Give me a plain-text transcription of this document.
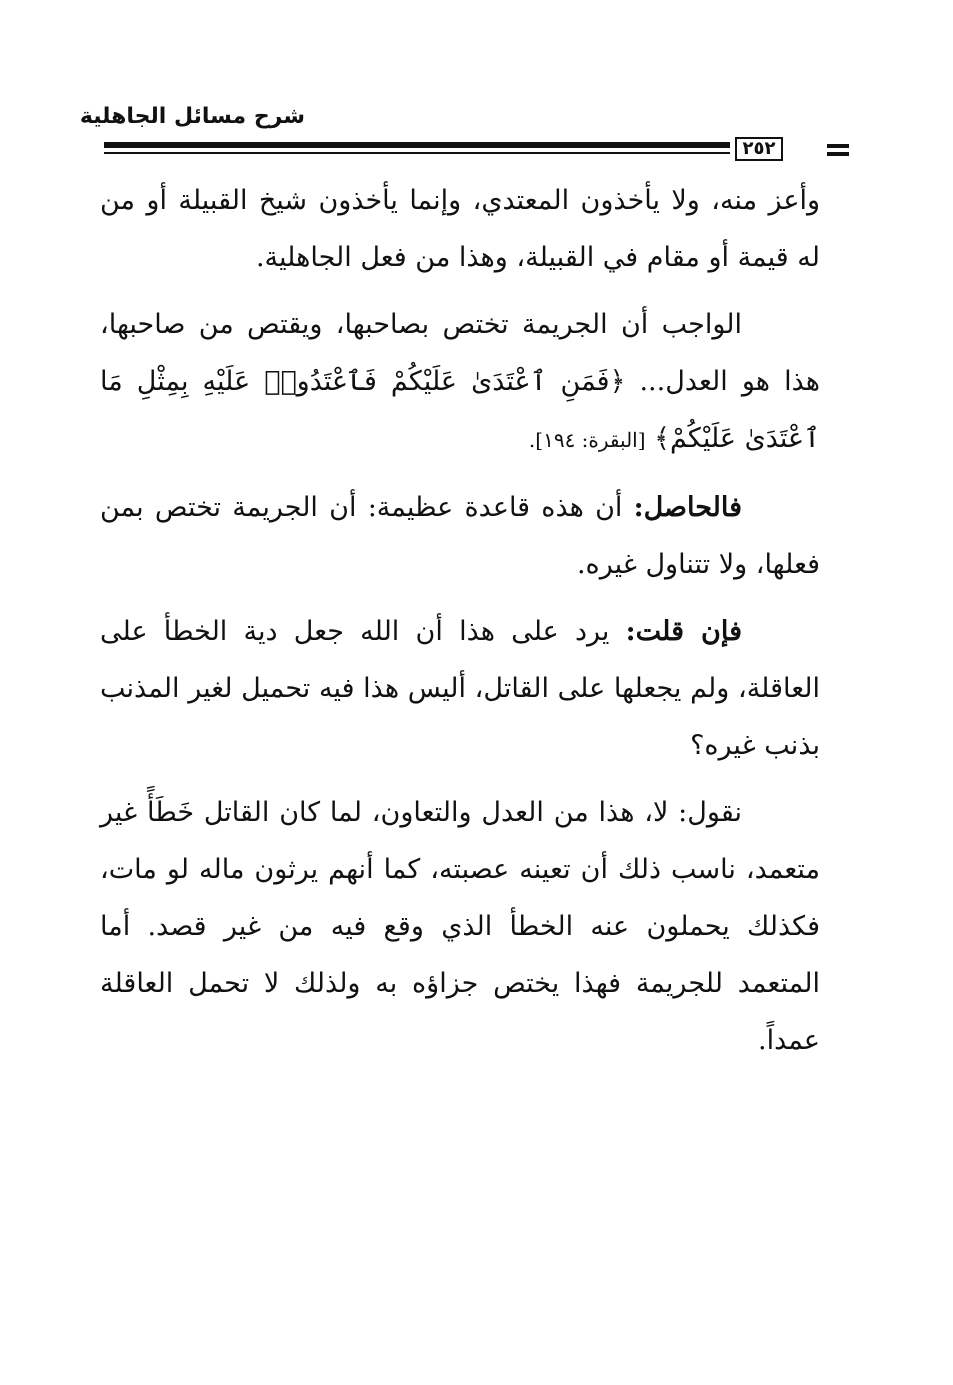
شرح مسائل الجاهلية
٢٥٢

وأعز منه، ولا يأخذون المعتدي، وإنما يأخذون شيخ القبيلة أو من له قيمة أو مقام في القبيلة، وهذا من فعل الجاهلية.

الواجب أن الجريمة تختص بصاحبها، ويقتص من صاحبها، هذا هو العدل... ﴿فَمَنِ ٱعْتَدَىٰ عَلَيْكُمْ فَٱعْتَدُوا۟ عَلَيْهِ بِمِثْلِ مَا ٱعْتَدَىٰ عَلَيْكُمْ﴾ [البقرة: ١٩٤].

فالحاصل: أن هذه قاعدة عظيمة: أن الجريمة تختص بمن فعلها، ولا تتناول غيره.

فإن قلت: يرد على هذا أن الله جعل دية الخطأ على العاقلة، ولم يجعلها على القاتل، أليس هذا فيه تحميل لغير المذنب بذنب غيره؟

نقول: لا، هذا من العدل والتعاون، لما كان القاتل خَطَأً غير متعمد، ناسب ذلك أن تعينه عصبته، كما أنهم يرثون ماله لو مات، فكذلك يحملون عنه الخطأ الذي وقع فيه من غير قصد. أما المتعمد للجريمة فهذا يختص جزاؤه به ولذلك لا تحمل العاقلة عمداً.
